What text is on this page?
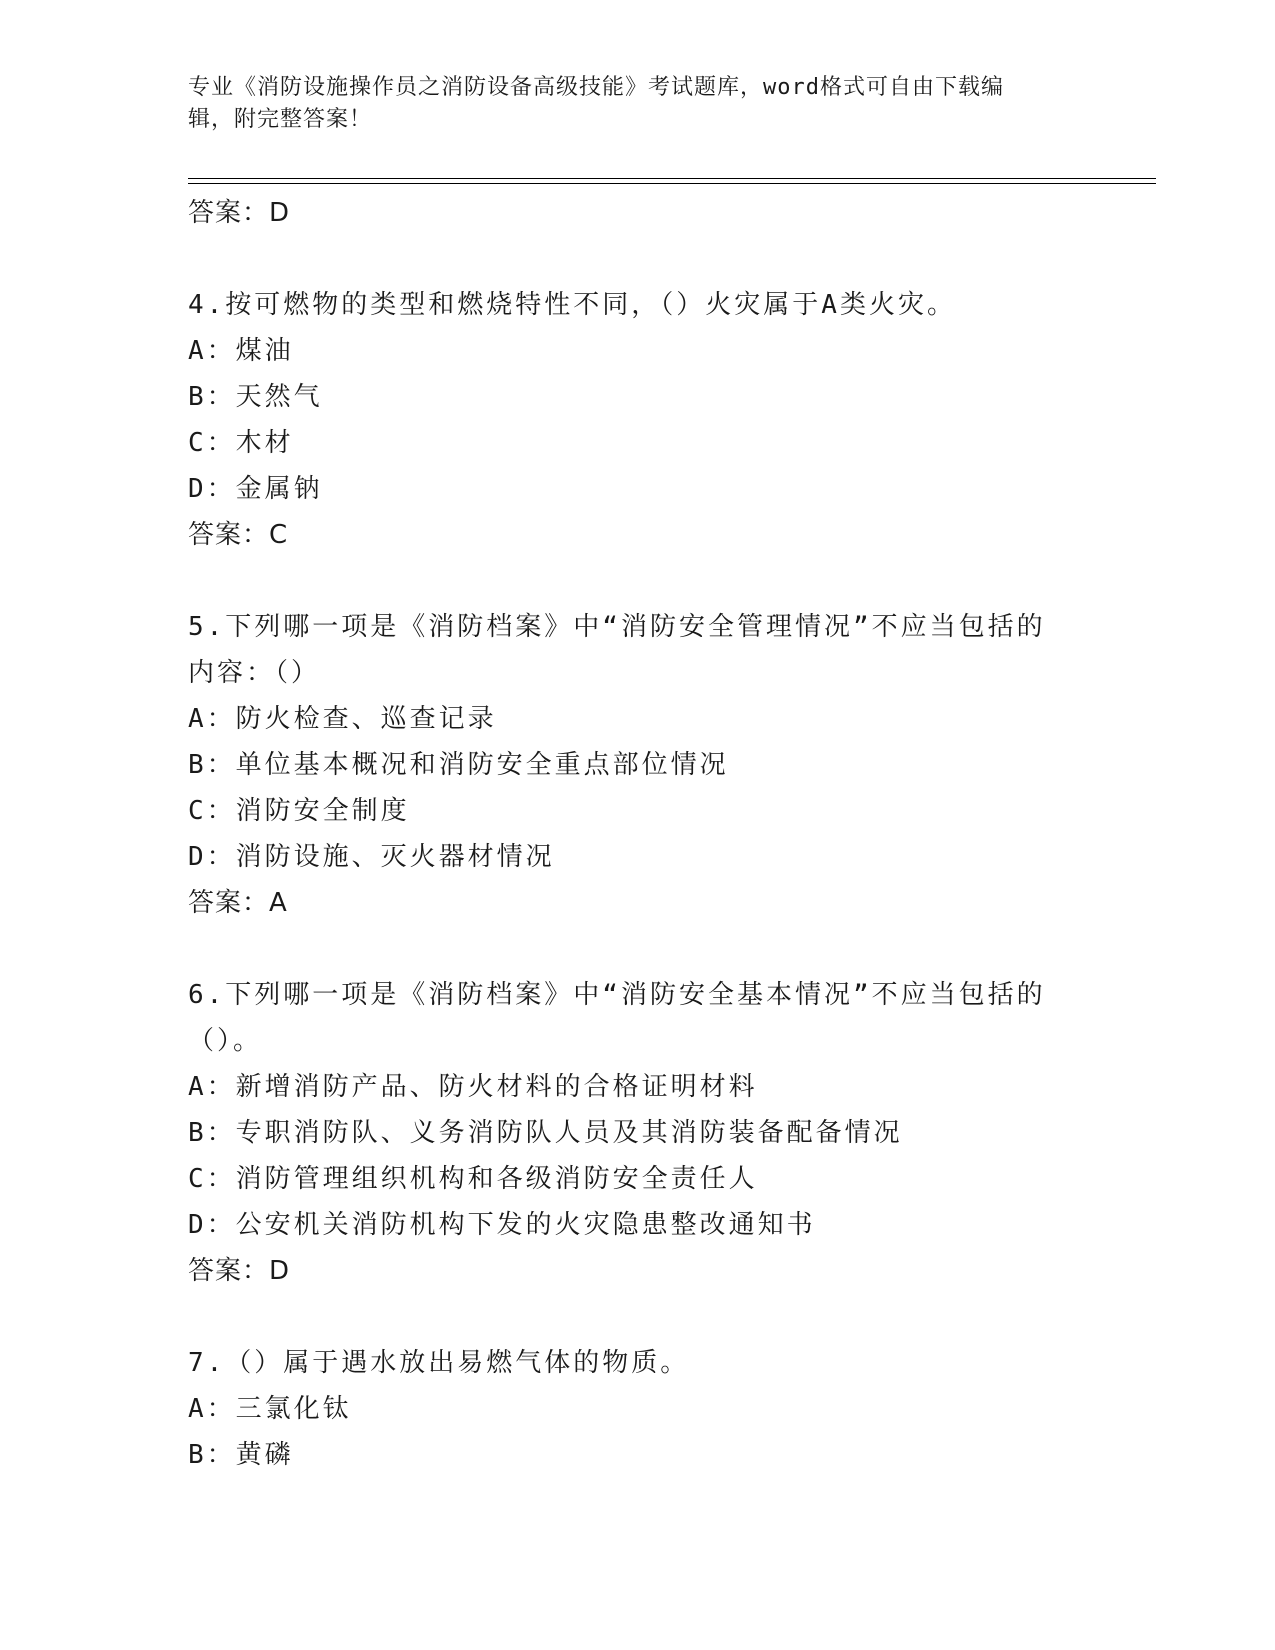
专业《消防设施操作员之消防设备高级技能》考试题库，word格式可自由下载编
辑，附完整答案！
答案：D
4.按可燃物的类型和燃烧特性不同，（）火灾属于A类火灾。
A：煤油
B：天然气
C：木材
D：金属钠
答案：C
5.下列哪一项是《消防档案》中“消防安全管理情况”不应当包括的
内容：（）
A：防火检查、巡查记录
B：单位基本概况和消防安全重点部位情况
C：消防安全制度
D：消防设施、灭火器材情况
答案：A
6.下列哪一项是《消防档案》中“消防安全基本情况”不应当包括的
（）。
A：新增消防产品、防火材料的合格证明材料
B：专职消防队、义务消防队人员及其消防装备配备情况
C：消防管理组织机构和各级消防安全责任人
D：公安机关消防机构下发的火灾隐患整改通知书
答案：D
7.（）属于遇水放出易燃气体的物质。
A：三氯化钛
B：黄磷
